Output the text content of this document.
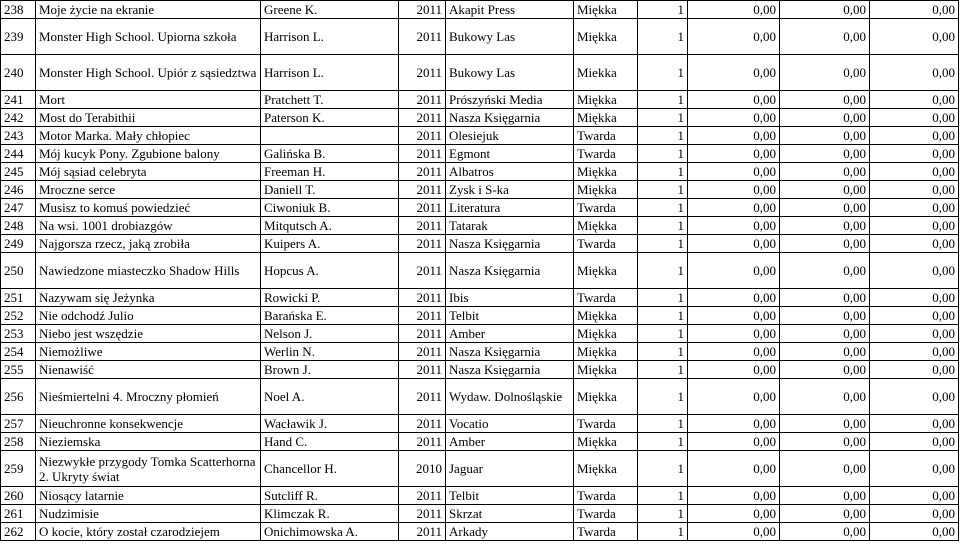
238	Moje życie na ekranie	Greene K.	2011	Akapit Press	Miękka	1	0,00	0,00	0,00
239	Monster High School. Upiorna szkoła	Harrison L.	2011	Bukowy Las	Miękka	1	0,00	0,00	0,00
240	Monster High School. Upiór z sąsiedztwa	Harrison L.	2011	Bukowy Las	Miekka	1	0,00	0,00	0,00
241	Mort	Pratchett T.	2011	Prószyński Media	Miękka	1	0,00	0,00	0,00
242	Most do Terabithii	Paterson K.	2011	Nasza Księgarnia	Miękka	1	0,00	0,00	0,00
243	Motor Marka. Mały chłopiec		2011	Olesiejuk	Twarda	1	0,00	0,00	0,00
244	Mój kucyk Pony. Zgubione balony	Galińska B.	2011	Egmont	Twarda	1	0,00	0,00	0,00
245	Mój sąsiad celebryta	Freeman H.	2011	Albatros	Miękka	1	0,00	0,00	0,00
246	Mroczne serce	Daniell T.	2011	Zysk i S-ka	Miękka	1	0,00	0,00	0,00
247	Musisz to komuś powiedzieć	Ciwoniuk B.	2011	Literatura	Twarda	1	0,00	0,00	0,00
248	Na wsi. 1001 drobiazgów	Mitqutsch A.	2011	Tatarak	Miękka	1	0,00	0,00	0,00
249	Najgorsza rzecz, jaką zrobiła	Kuipers A.	2011	Nasza Księgarnia	Twarda	1	0,00	0,00	0,00
250	Nawiedzone miasteczko Shadow Hills	Hopcus A.	2011	Nasza Księgarnia	Miękka	1	0,00	0,00	0,00
251	Nazywam się Jeżynka	Rowicki P.	2011	Ibis	Twarda	1	0,00	0,00	0,00
252	Nie odchodź Julio	Barańska E.	2011	Telbit	Miękka	1	0,00	0,00	0,00
253	Niebo jest wszędzie	Nelson J.	2011	Amber	Miękka	1	0,00	0,00	0,00
254	Niemożliwe	Werlin N.	2011	Nasza Księgarnia	Miękka	1	0,00	0,00	0,00
255	Nienawiść	Brown J.	2011	Nasza Księgarnia	Miękka	1	0,00	0,00	0,00
256	Nieśmiertelni 4. Mroczny płomień	Noel A.	2011	Wydaw. Dolnośląskie	Miękka	1	0,00	0,00	0,00
257	Nieuchronne konsekwencje	Wacławik J.	2011	Vocatio	Twarda	1	0,00	0,00	0,00
258	Nieziemska	Hand C.	2011	Amber	Miękka	1	0,00	0,00	0,00
259	Niezwykłe przygody Tomka Scatterhorna 2. Ukryty świat	Chancellor H.	2010	Jaguar	Miękka	1	0,00	0,00	0,00
260	Niosący latarnie	Sutcliff R.	2011	Telbit	Twarda	1	0,00	0,00	0,00
261	Nudzimisie	Klimczak R.	2011	Skrzat	Twarda	1	0,00	0,00	0,00
262	O kocie, który został czarodziejem	Onichimowska A.	2011	Arkady	Twarda	1	0,00	0,00	0,00
